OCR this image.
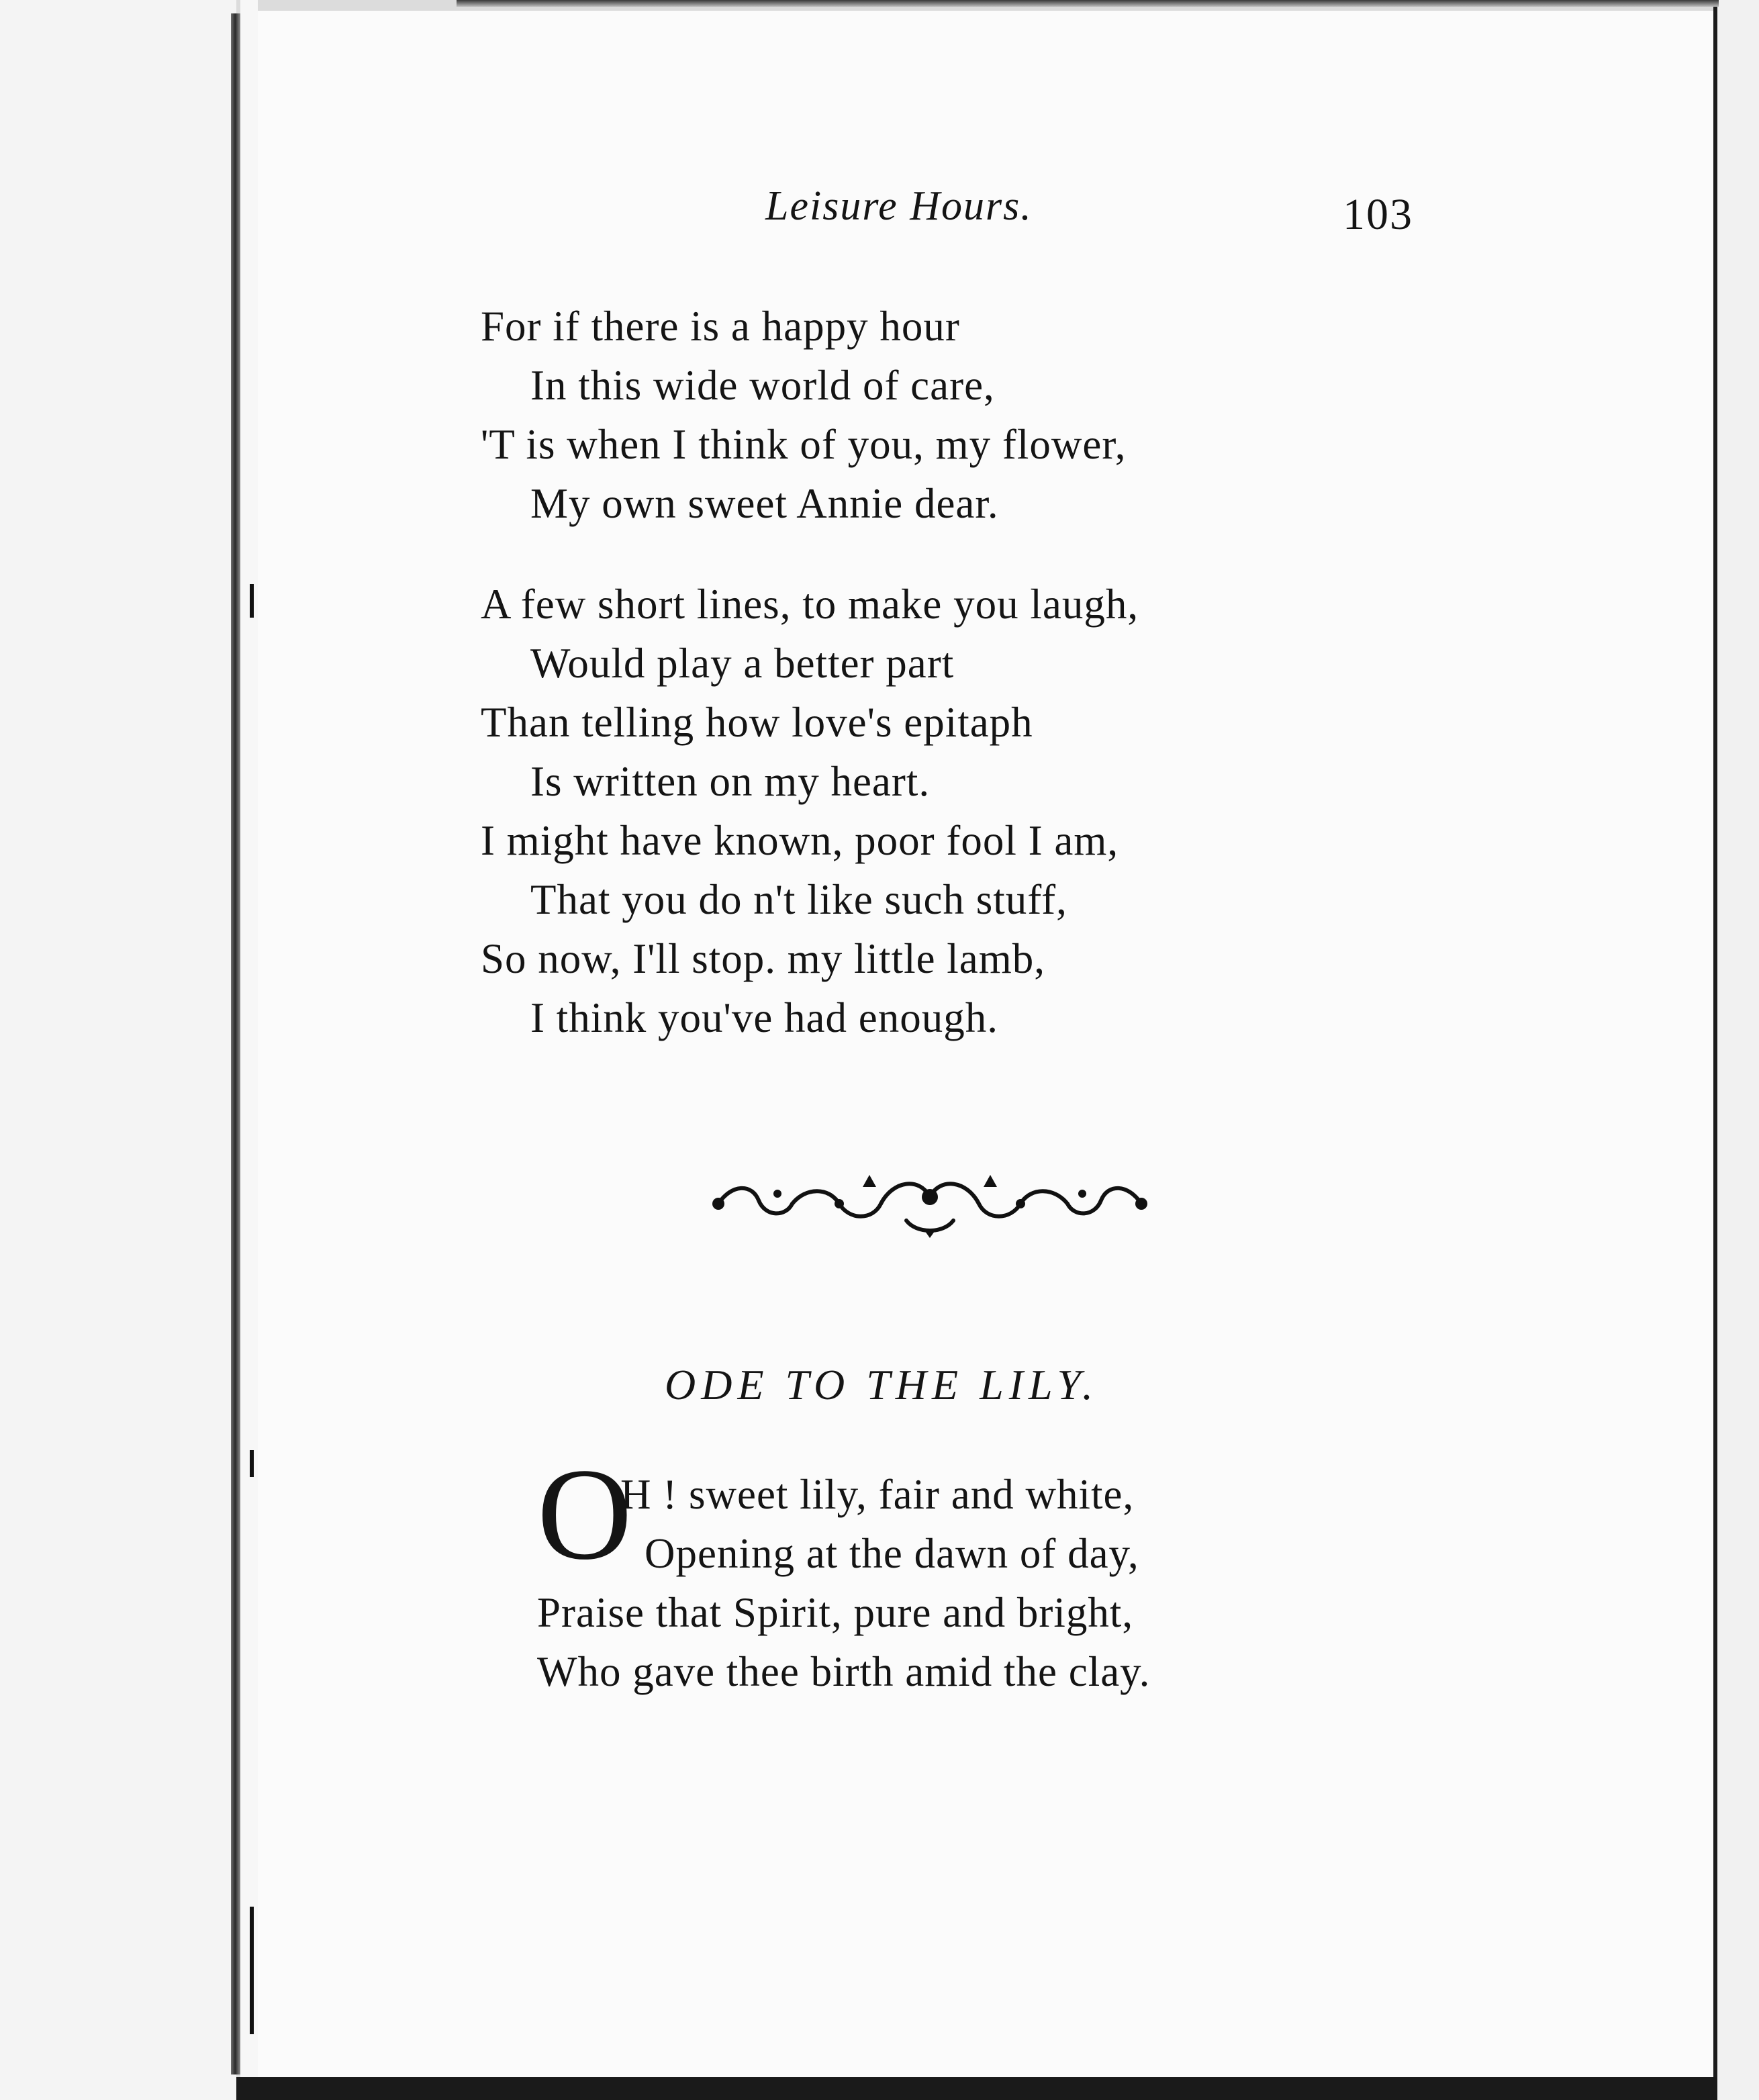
Leisure Hours.	103

For if there is a happy hour

In this wide world of care,

'T is when I think of you, my flower,

My own sweet Annie dear.

A few short lines, to make you laugh,

Would play a better part

Than telling how love's epitaph

Is written on my heart.

I might have known, poor fool I am,

That you do n't like such stuff,

So now, I'll stop. my little lamb,

I think you've had enough.

ODE TO THE LILY.
O

H ! sweet lily, fair and white,

Opening at the dawn of day,

Praise that Spirit, pure and bright,

Who gave thee birth amid the clay.
